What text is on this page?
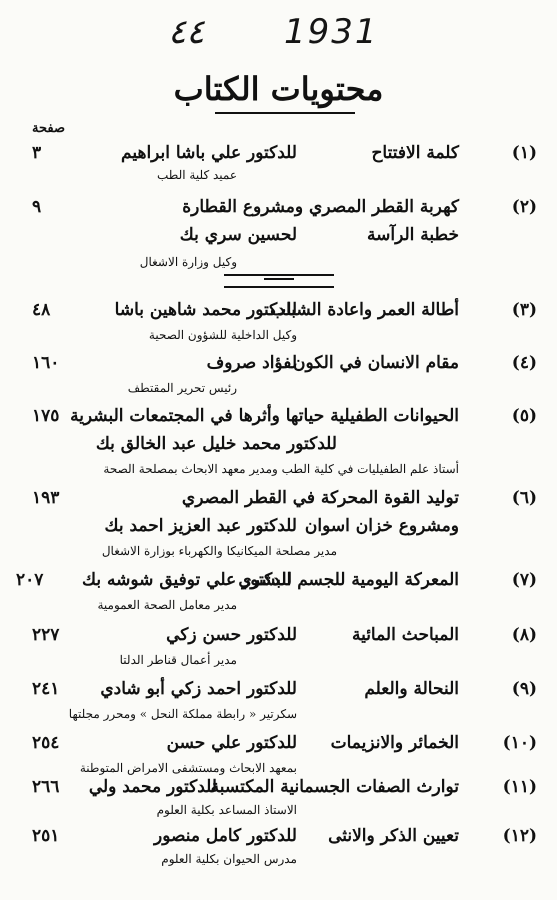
٤٤ 1931
محتويات الكتاب
صفحة
(١)
كلمة الافتتاح
للدكتور علي باشا ابراهيم
٣
عميد كلية الطب
(٢)
كهربة القطر المصري ومشروع القطارة
٩
خطبة الرآسة
لحسين سري بك
وكيل وزارة الاشغال
(٣)
أطالة العمر واعادة الشباب
للدكتور محمد شاهين باشا
٤٨
وكيل الداخلية للشؤون الصحية
(٤)
مقام الانسان في الكون
لفؤاد صروف
١٦٠
رئيس تحرير المقتطف
(٥)
الحيوانات الطفيلية حياتها وأثرها في المجتمعات البشرية
١٧٥
للدكتور محمد خليل عبد الخالق بك
أستاذ علم الطفيليات في كلية الطب ومدير معهد الابحاث بمصلحة الصحة
(٦)
توليد القوة المحركة في القطر المصري
١٩٣
ومشروع خزان اسوان
للدكتور عبد العزيز احمد بك
مدير مصلحة الميكانيكا والكهرباء بوزارة الاشغال
(٧)
المعركة اليومية للجسم البشري
للدكتور علي توفيق شوشه بك
٢٠٧
مدير معامل الصحة العمومية
(٨)
المباحث المائية
للدكتور حسن زكي
٢٢٧
مدير أعمال قناطر الدلتا
(٩)
النحالة والعلم
للدكتور احمد زكي أبو شادي
٢٤١
سكرتير « رابطة مملكة النحل » ومحرر مجلتها
(١٠)
الخمائر والانزيمات
للدكتور علي حسن
٢٥٤
بمعهد الابحاث ومستشفى الامراض المتوطنة
(١١)
توارث الصفات الجسمانية المكتسبة
للدكتور محمد ولي
٢٦٦
الاستاذ المساعد بكلية العلوم
(١٢)
تعيين الذكر والانثى
للدكتور كامل منصور
٢٥١
مدرس الحيوان بكلية العلوم
